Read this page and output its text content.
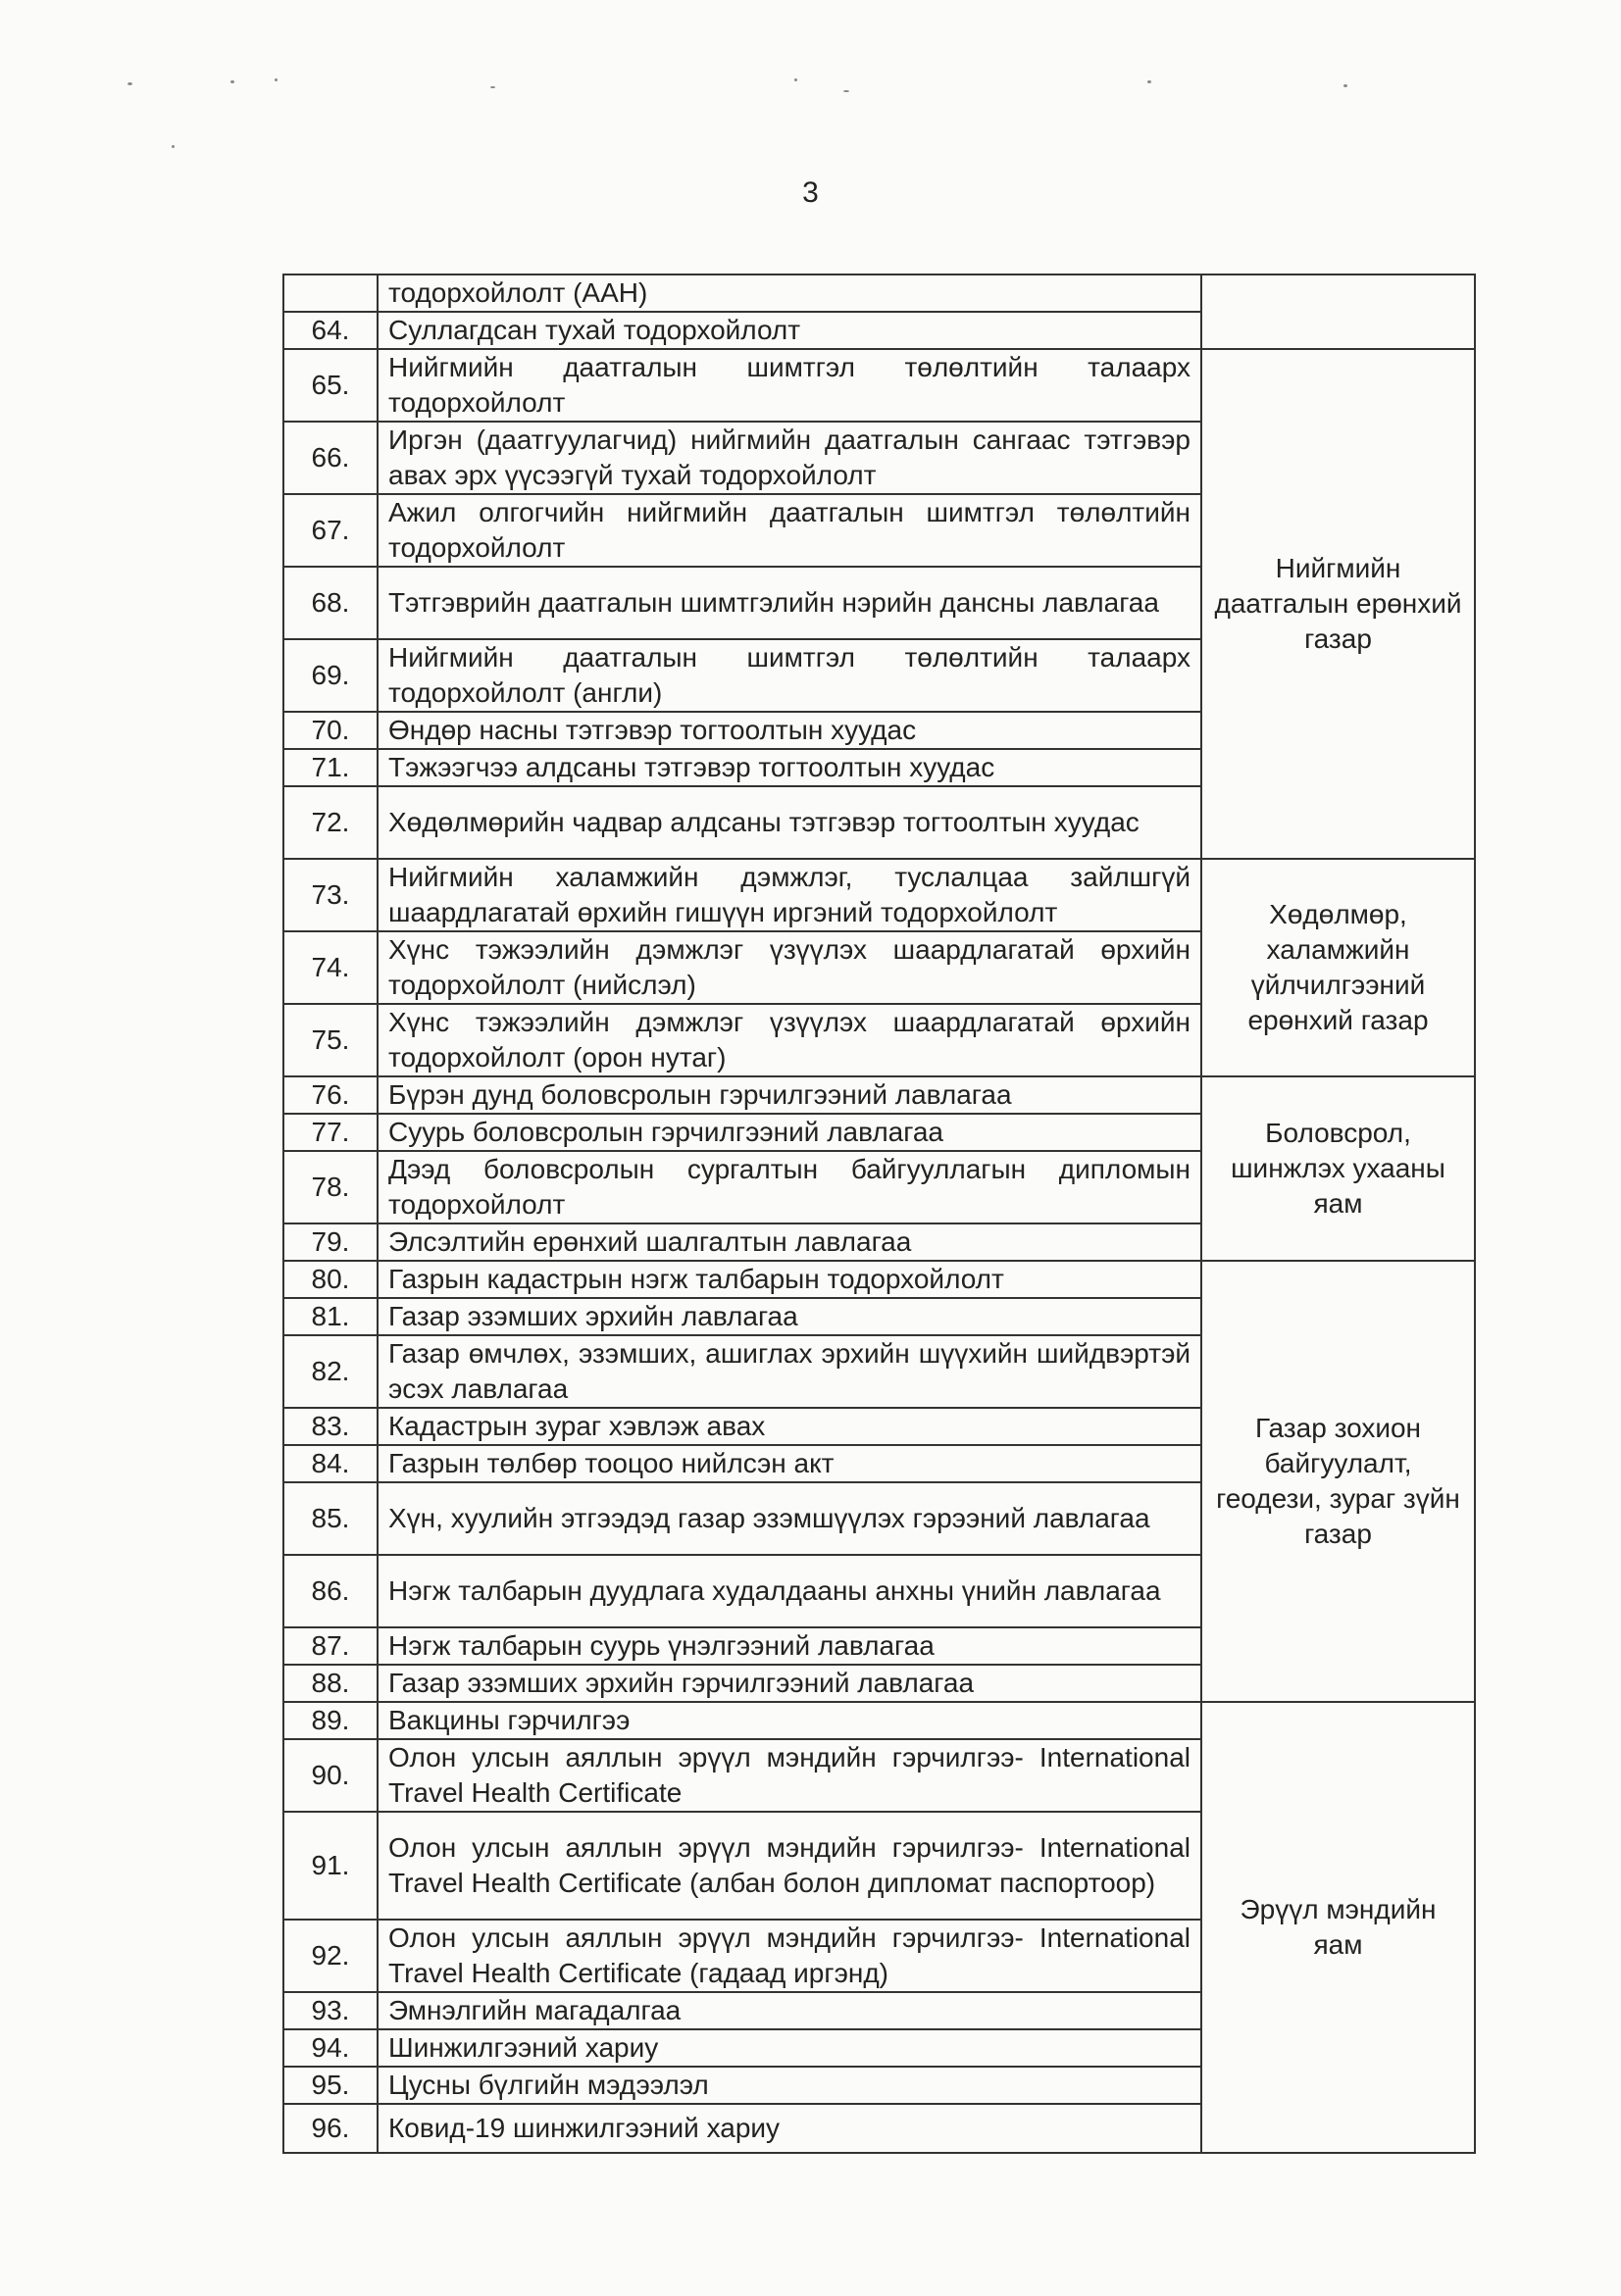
3
	тодорхойлолт (ААН)	
64.	Суллагдсан тухай тодорхойлолт	
65.	Нийгмийн даатгалын шимтгэл төлөлтийн талаарх тодорхойлолт	Нийгмийн даатгалын ерөнхий газар
66.	Иргэн (даатгуулагчид) нийгмийн даатгалын сангаас тэтгэвэр авах эрх үүсээгүй тухай тодорхойлолт	
67.	Ажил олгогчийн нийгмийн даатгалын шимтгэл төлөлтийн тодорхойлолт	
68.	Тэтгэврийн даатгалын шимтгэлийн нэрийн дансны лавлагаа	
69.	Нийгмийн даатгалын шимтгэл төлөлтийн талаарх тодорхойлолт (англи)	
70.	Өндөр насны тэтгэвэр тогтоолтын хуудас	
71.	Тэжээгчээ алдсаны тэтгэвэр тогтоолтын хуудас	
72.	Хөдөлмөрийн чадвар алдсаны тэтгэвэр тогтоолтын хуудас	
73.	Нийгмийн халамжийн дэмжлэг, туслалцаа зайлшгүй шаардлагатай өрхийн гишүүн иргэний тодорхойлолт	Хөдөлмөр, халамжийн үйлчилгээний ерөнхий газар
74.	Хүнс тэжээлийн дэмжлэг үзүүлэх шаардлагатай өрхийн тодорхойлолт (нийслэл)	
75.	Хүнс тэжээлийн дэмжлэг үзүүлэх шаардлагатай өрхийн тодорхойлолт (орон нутаг)	
76.	Бүрэн дунд боловсролын гэрчилгээний лавлагаа	Боловсрол, шинжлэх ухааны яам
77.	Суурь боловсролын гэрчилгээний лавлагаа	
78.	Дээд боловсролын сургалтын байгууллагын дипломын тодорхойлолт	
79.	Элсэлтийн ерөнхий шалгалтын лавлагаа	
80.	Газрын кадастрын нэгж талбарын тодорхойлолт	Газар зохион байгуулалт, геодези, зураг зүйн газар
81.	Газар эзэмших эрхийн лавлагаа	
82.	Газар өмчлөх, эзэмших, ашиглах эрхийн шүүхийн шийдвэртэй эсэх лавлагаа	
83.	Кадастрын зураг хэвлэж авах	
84.	Газрын төлбөр тооцоо нийлсэн акт	
85.	Хүн, хуулийн этгээдэд газар эзэмшүүлэх гэрээний лавлагаа	
86.	Нэгж талбарын дуудлага худалдааны анхны үнийн лавлагаа	
87.	Нэгж талбарын суурь үнэлгээний лавлагаа	
88.	Газар эзэмших эрхийн гэрчилгээний лавлагаа	
89.	Вакцины гэрчилгээ	Эрүүл мэндийн яам
90.	Олон улсын аяллын эрүүл мэндийн гэрчилгээ- International Travel Health Certificate	
91.	Олон улсын аяллын эрүүл мэндийн гэрчилгээ- International Travel Health Certificate (албан болон дипломат паспортоор)	
92.	Олон улсын аяллын эрүүл мэндийн гэрчилгээ- International Travel Health Certificate (гадаад иргэнд)	
93.	Эмнэлгийн магадалгаа	
94.	Шинжилгээний хариу	
95.	Цусны бүлгийн мэдээлэл	
96.	Ковид-19 шинжилгээний хариу	
